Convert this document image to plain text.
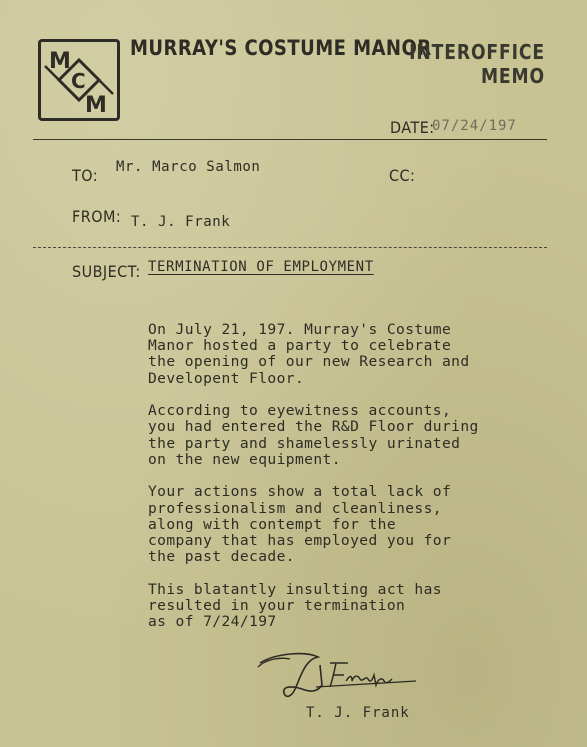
M
C
M
MURRAY'S COSTUME MANOR
INTEROFFICE
MEMO
DATE:
07/24/197
TO: Mr. Marco Salmon	CC:
FROM: T. J. Frank
SUBJECT: TERMINATION OF EMPLOYMENT

On July 21, 197. Murray's Costume
Manor hosted a party to celebrate
the opening of our new Research and
Developent Floor.

According to eyewitness accounts,
you had entered the R&D Floor during
the party and shamelessly urinated
on the new equipment.

Your actions show a total lack of
professionalism and cleanliness,
along with contempt for the
company that has employed you for
the past decade.

This blatantly insulting act has
resulted in your termination
as of 7/24/197

T. J. Frank
